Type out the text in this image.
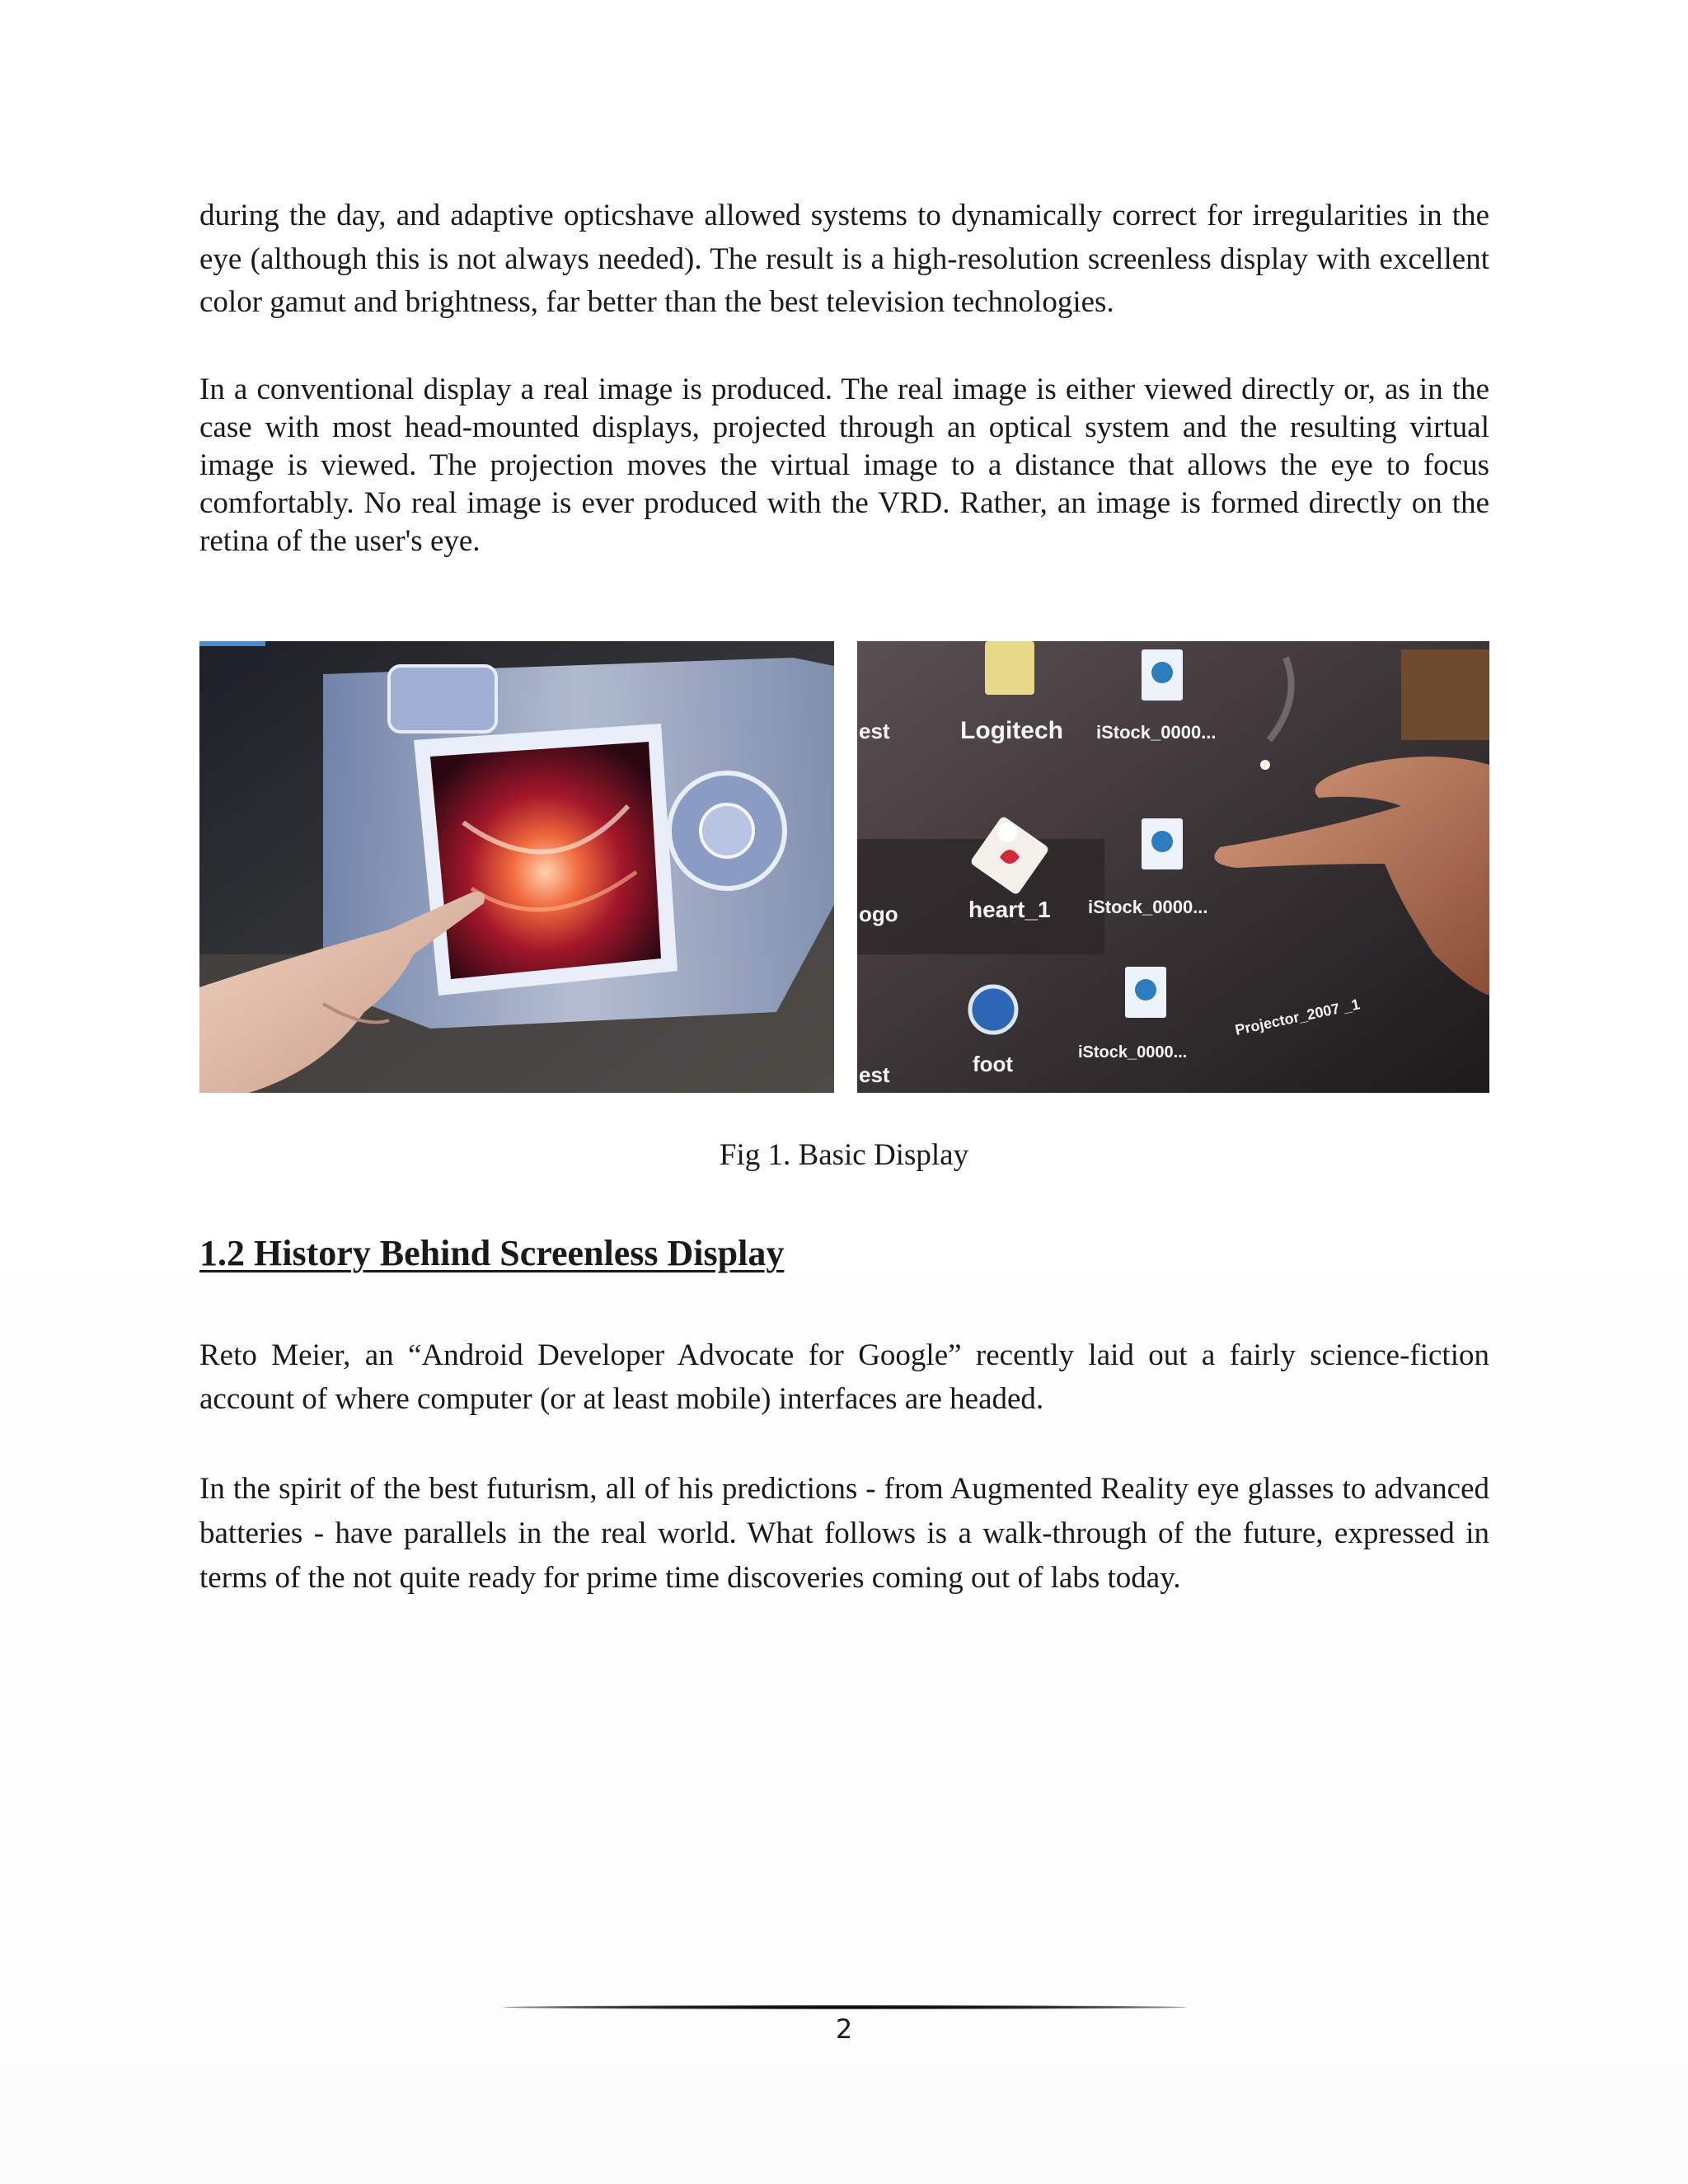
during the day, and adaptive opticshave allowed systems to dynamically correct for irregularities in the eye (although this is not always needed). The result is a high-resolution screenless display with excellent color gamut and brightness, far better than the best television technologies.

In a conventional display a real image is produced. The real image is either viewed directly or, as in the case with most head-mounted displays, projected through an optical system and the resulting virtual image is viewed. The projection moves the virtual image to a distance that allows the eye to focus comfortably. No real image is ever produced with the VRD. Rather, an image is formed directly on the retina of the user's eye.

est	Logitech iStock_0000...
ogo	heart_1 iStock_0000...
est	foot	iStock_0000...
Projector_2007 _1

Fig 1. Basic Display

1.2 History Behind Screenless Display

Reto Meier, an “Android Developer Advocate for Google” recently laid out a fairly science-fiction account of where computer (or at least mobile) interfaces are headed.

In the spirit of the best futurism, all of his predictions - from Augmented Reality eye glasses to advanced batteries - have parallels in the real world. What follows is a walk-through of the future, expressed in terms of the not quite ready for prime time discoveries coming out of labs today.

2
